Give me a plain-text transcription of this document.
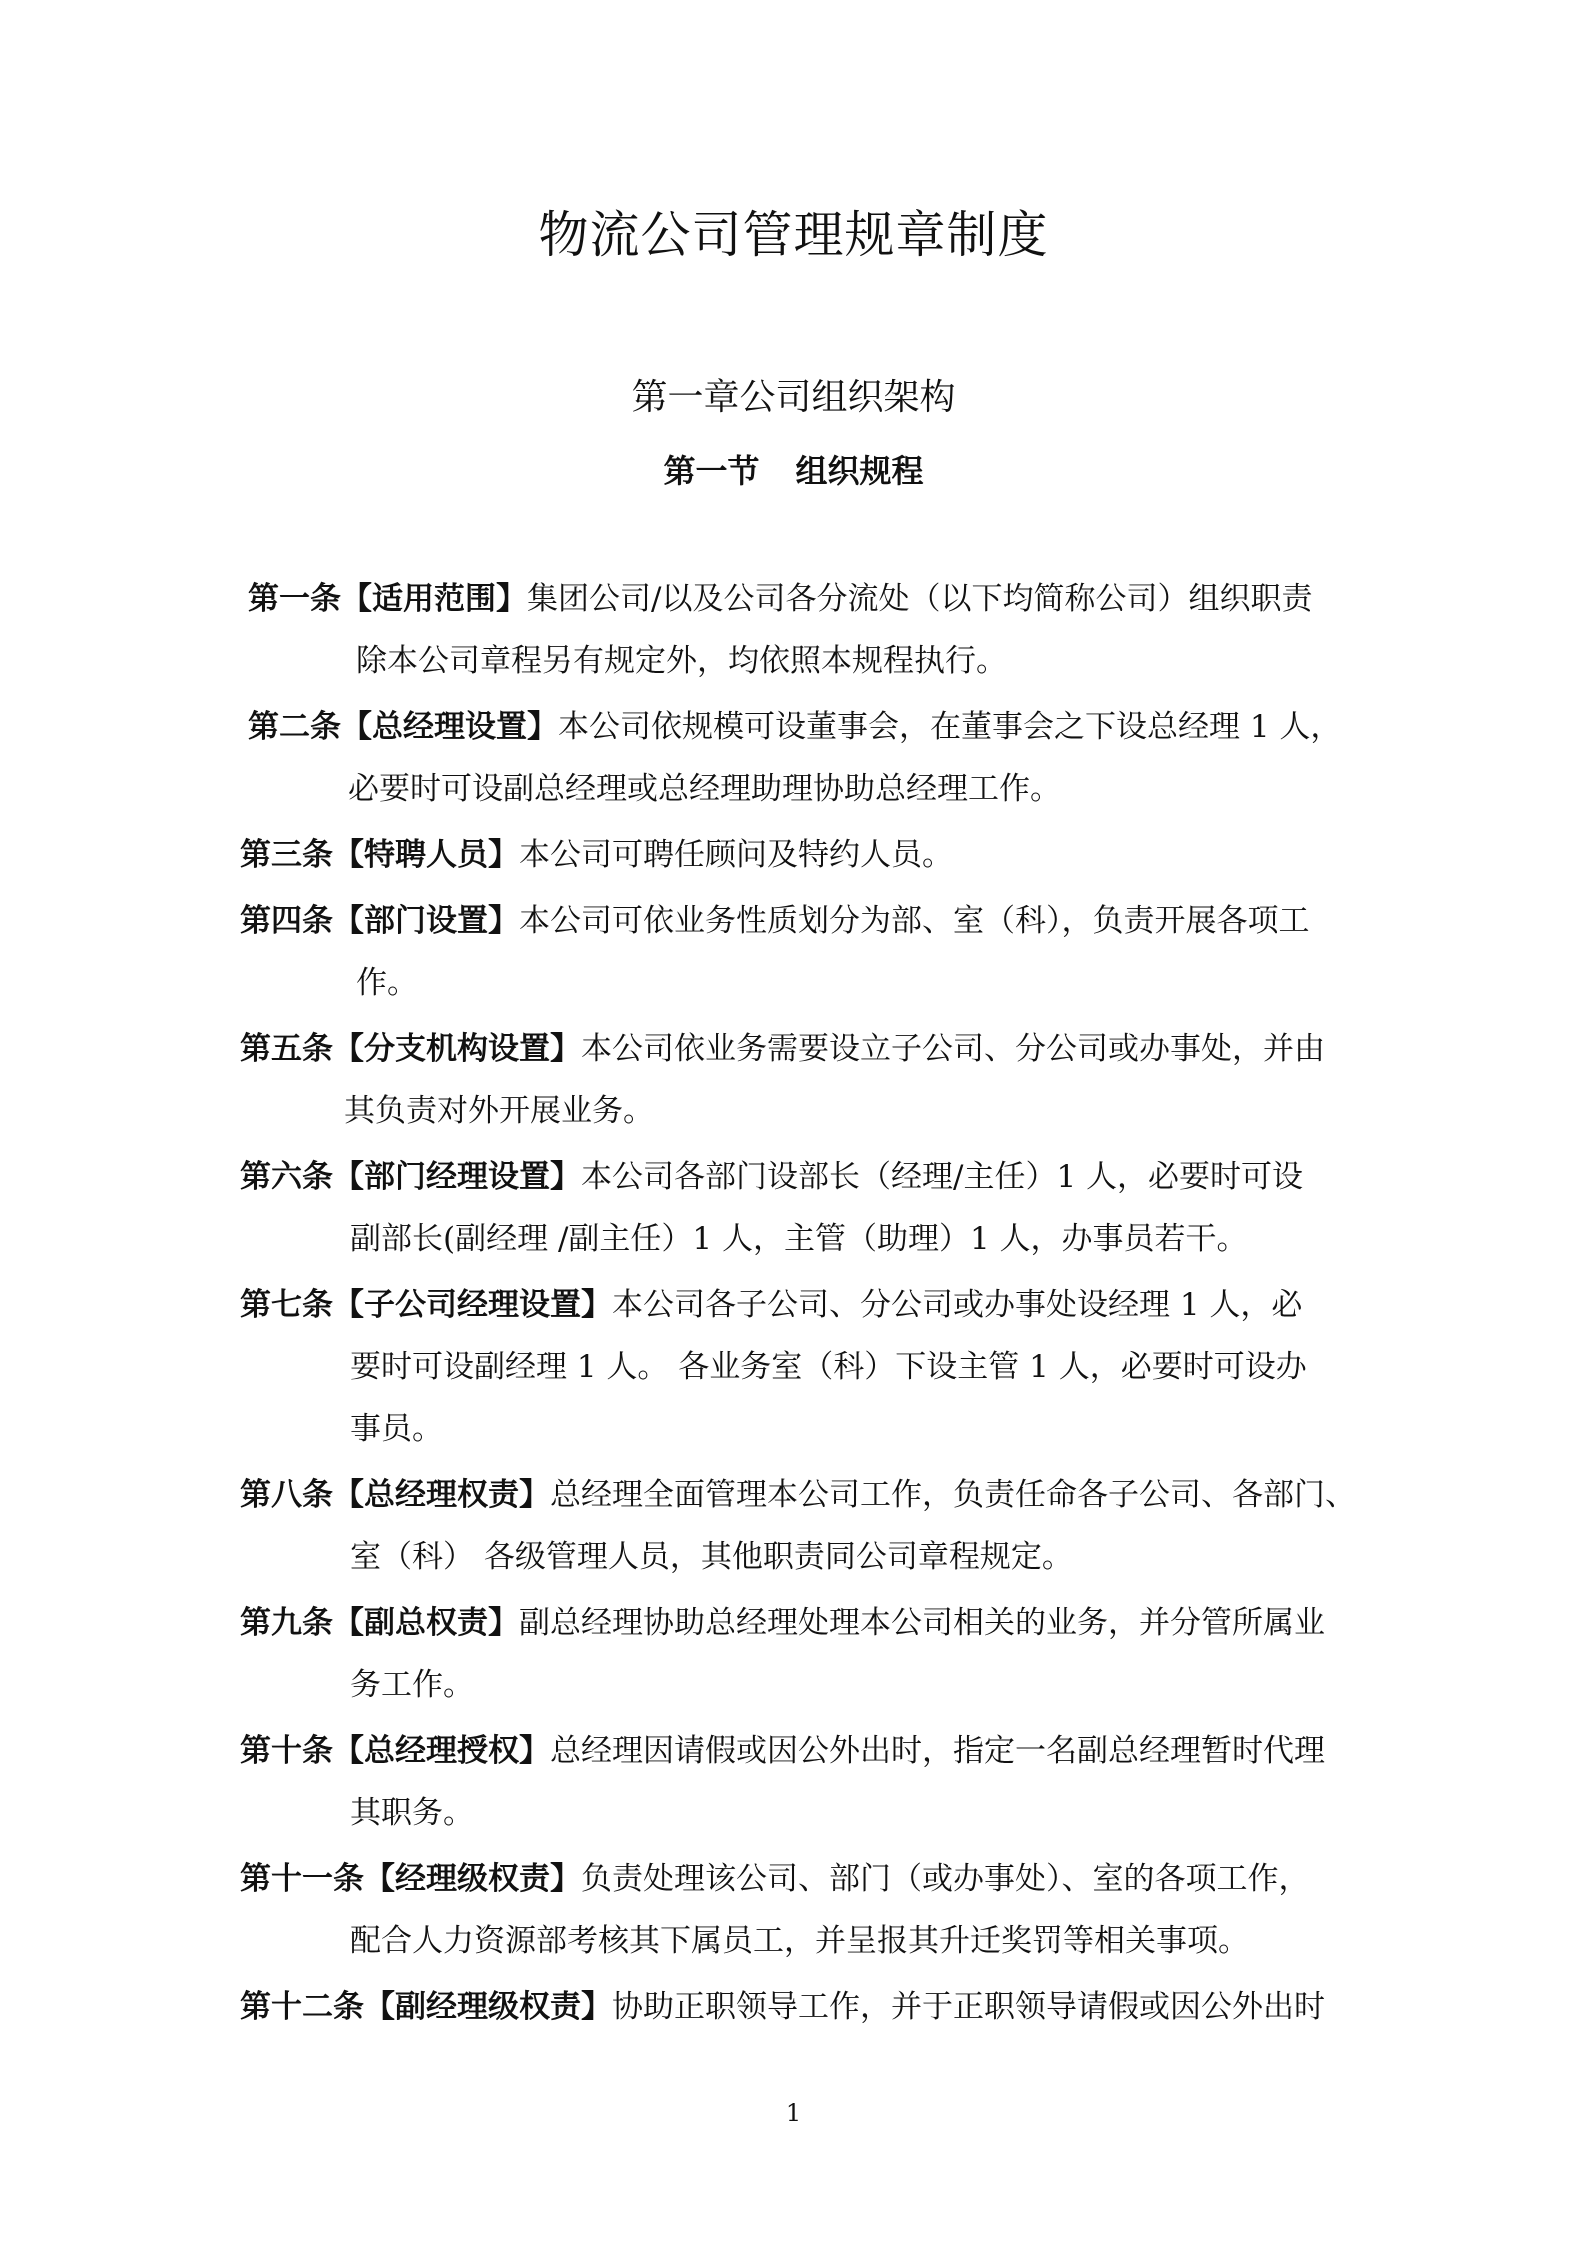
物流公司管理规章制度
第一章公司组织架构
第一节 组织规程
第一条【适用范围】集团公司/以及公司各分流处（以下均简称公司）组织职责
除本公司章程另有规定外，均依照本规程执行。
第二条【总经理设置】本公司依规模可设董事会，在董事会之下设总经理 1 人，
必要时可设副总经理或总经理助理协助总经理工作。
第三条【特聘人员】本公司可聘任顾问及特约人员。
第四条【部门设置】本公司可依业务性质划分为部、室（科），负责开展各项工
作。
第五条【分支机构设置】本公司依业务需要设立子公司、分公司或办事处，并由
其负责对外开展业务。
第六条【部门经理设置】本公司各部门设部长（经理/主任）1 人，必要时可设
副部长(副经理 /副主任）1 人，主管（助理）1 人，办事员若干。
第七条【子公司经理设置】本公司各子公司、分公司或办事处设经理 1 人，必
要时可设副经理 1 人。 各业务室（科）下设主管 1 人，必要时可设办
事员。
第八条【总经理权责】总经理全面管理本公司工作，负责任命各子公司、各部门、
室（科） 各级管理人员，其他职责同公司章程规定。
第九条【副总权责】副总经理协助总经理处理本公司相关的业务，并分管所属业
务工作。
第十条【总经理授权】总经理因请假或因公外出时，指定一名副总经理暂时代理
其职务。
第十一条【经理级权责】负责处理该公司、部门（或办事处）、室的各项工作，
配合人力资源部考核其下属员工，并呈报其升迁奖罚等相关事项。
第十二条【副经理级权责】协助正职领导工作，并于正职领导请假或因公外出时
1
